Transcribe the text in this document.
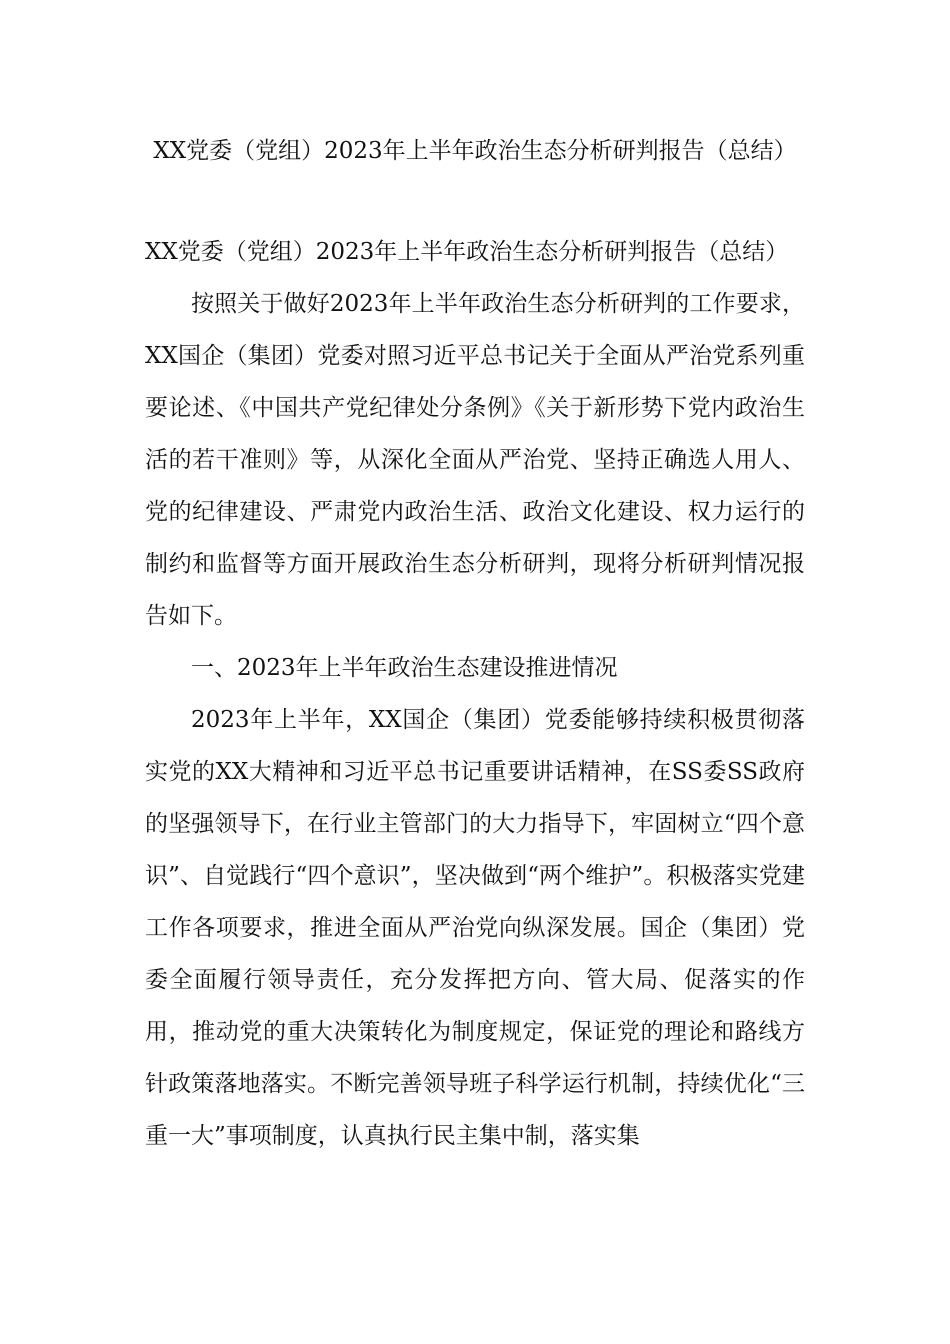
XX党委（党组）2023年上半年政治生态分析研判报告（总结）

XX党委（党组）2023年上半年政治生态分析研判报告（总结）

按照关于做好2023年上半年政治生态分析研判的工作要求，XX国企（集团）党委对照习近平总书记关于全面从严治党系列重要论述、《中国共产党纪律处分条例》《关于新形势下党内政治生活的若干准则》等，从深化全面从严治党、坚持正确选人用人、党的纪律建设、严肃党内政治生活、政治文化建设、权力运行的制约和监督等方面开展政治生态分析研判，现将分析研判情况报告如下。

一、2023年上半年政治生态建设推进情况

2023年上半年，XX国企（集团）党委能够持续积极贯彻落实党的XX大精神和习近平总书记重要讲话精神，在SS委SS政府的坚强领导下，在行业主管部门的大力指导下，牢固树立“四个意识”、自觉践行“四个意识”，坚决做到“两个维护”。积极落实党建工作各项要求，推进全面从严治党向纵深发展。国企（集团）党委全面履行领导责任，充分发挥把方向、管大局、促落实的作用，推动党的重大决策转化为制度规定，保证党的理论和路线方针政策落地落实。不断完善领导班子科学运行机制，持续优化“三重一大”事项制度，认真执行民主集中制，落实集
